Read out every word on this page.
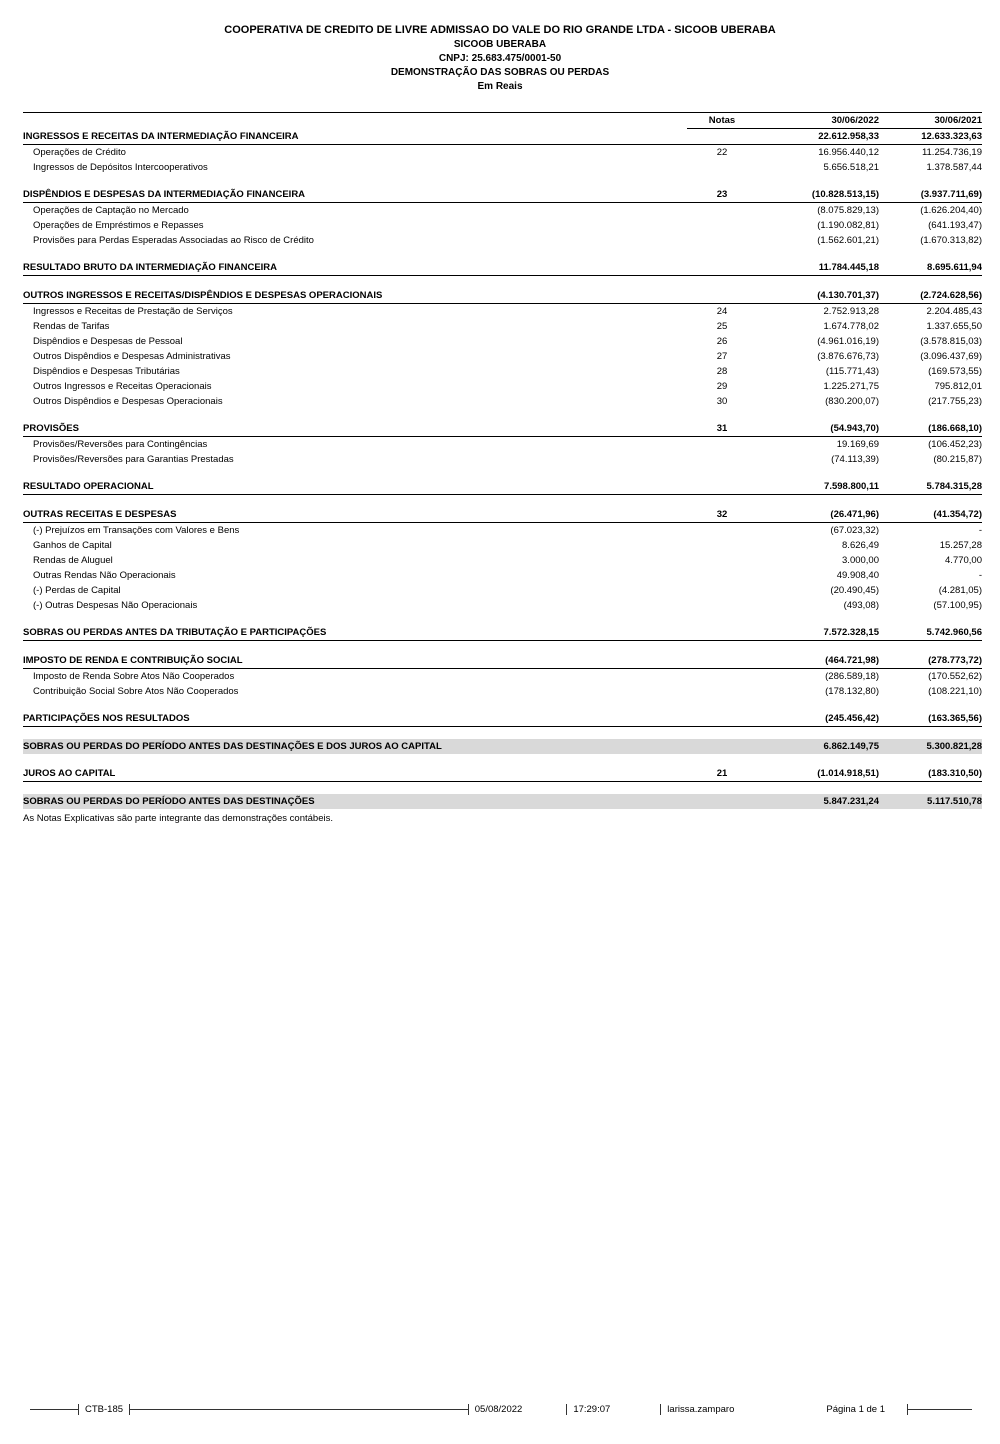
COOPERATIVA DE CREDITO DE LIVRE ADMISSAO DO VALE DO RIO GRANDE LTDA - SICOOB UBERABA
SICOOB UBERABA
CNPJ: 25.683.475/0001-50
DEMONSTRAÇÃO DAS SOBRAS OU PERDAS
Em Reais
Notas	30/06/2022	30/06/2021
INGRESSOS E RECEITAS DA INTERMEDIAÇÃO FINANCEIRA	22.612.958,33	12.633.323,63
Operações de Crédito	22	16.956.440,12	11.254.736,19
Ingressos de Depósitos Intercooperativos	5.656.518,21	1.378.587,44
DISPÊNDIOS E DESPESAS DA INTERMEDIAÇÃO FINANCEIRA	23	(10.828.513,15)	(3.937.711,69)
Operações de Captação no Mercado	(8.075.829,13)	(1.626.204,40)
Operações de Empréstimos e Repasses	(1.190.082,81)	(641.193,47)
Provisões para Perdas Esperadas Associadas ao Risco de Crédito	(1.562.601,21)	(1.670.313,82)
RESULTADO BRUTO DA INTERMEDIAÇÃO FINANCEIRA	11.784.445,18	8.695.611,94
OUTROS INGRESSOS E RECEITAS/DISPÊNDIOS E DESPESAS OPERACIONAIS	(4.130.701,37)	(2.724.628,56)
Ingressos e Receitas de Prestação de Serviços	24	2.752.913,28	2.204.485,43
Rendas de Tarifas	25	1.674.778,02	1.337.655,50
Dispêndios e Despesas de Pessoal	26	(4.961.016,19)	(3.578.815,03)
Outros Dispêndios e Despesas Administrativas	27	(3.876.676,73)	(3.096.437,69)
Dispêndios e Despesas Tributárias	28	(115.771,43)	(169.573,55)
Outros Ingressos e Receitas Operacionais	29	1.225.271,75	795.812,01
Outros Dispêndios e Despesas Operacionais	30	(830.200,07)	(217.755,23)
PROVISÕES	31	(54.943,70)	(186.668,10)
Provisões/Reversões para Contingências	19.169,69	(106.452,23)
Provisões/Reversões para Garantias Prestadas	(74.113,39)	(80.215,87)
RESULTADO OPERACIONAL	7.598.800,11	5.784.315,28
OUTRAS RECEITAS E DESPESAS	32	(26.471,96)	(41.354,72)
(-) Prejuízos em Transações com Valores e Bens	(67.023,32)	-
Ganhos de Capital	8.626,49	15.257,28
Rendas de Aluguel	3.000,00	4.770,00
Outras Rendas Não Operacionais	49.908,40	-
(-) Perdas de Capital	(20.490,45)	(4.281,05)
(-) Outras Despesas Não Operacionais	(493,08)	(57.100,95)
SOBRAS OU PERDAS ANTES DA TRIBUTAÇÃO E PARTICIPAÇÕES	7.572.328,15	5.742.960,56
IMPOSTO DE RENDA E CONTRIBUIÇÃO SOCIAL	(464.721,98)	(278.773,72)
Imposto de Renda Sobre Atos Não Cooperados	(286.589,18)	(170.552,62)
Contribuição Social Sobre Atos Não Cooperados	(178.132,80)	(108.221,10)
PARTICIPAÇÕES NOS RESULTADOS	(245.456,42)	(163.365,56)
SOBRAS OU PERDAS DO PERÍODO ANTES DAS DESTINAÇÕES E DOS JUROS AO CAPITAL	6.862.149,75	5.300.821,28
JUROS AO CAPITAL	21	(1.014.918,51)	(183.310,50)
SOBRAS OU PERDAS DO PERÍODO ANTES DAS DESTINAÇÕES	5.847.231,24	5.117.510,78

As Notas Explicativas são parte integrante das demonstrações contábeis.

CTB-185	05/08/2022	17:29:07	larissa.zamparo	Página 1 de 1
